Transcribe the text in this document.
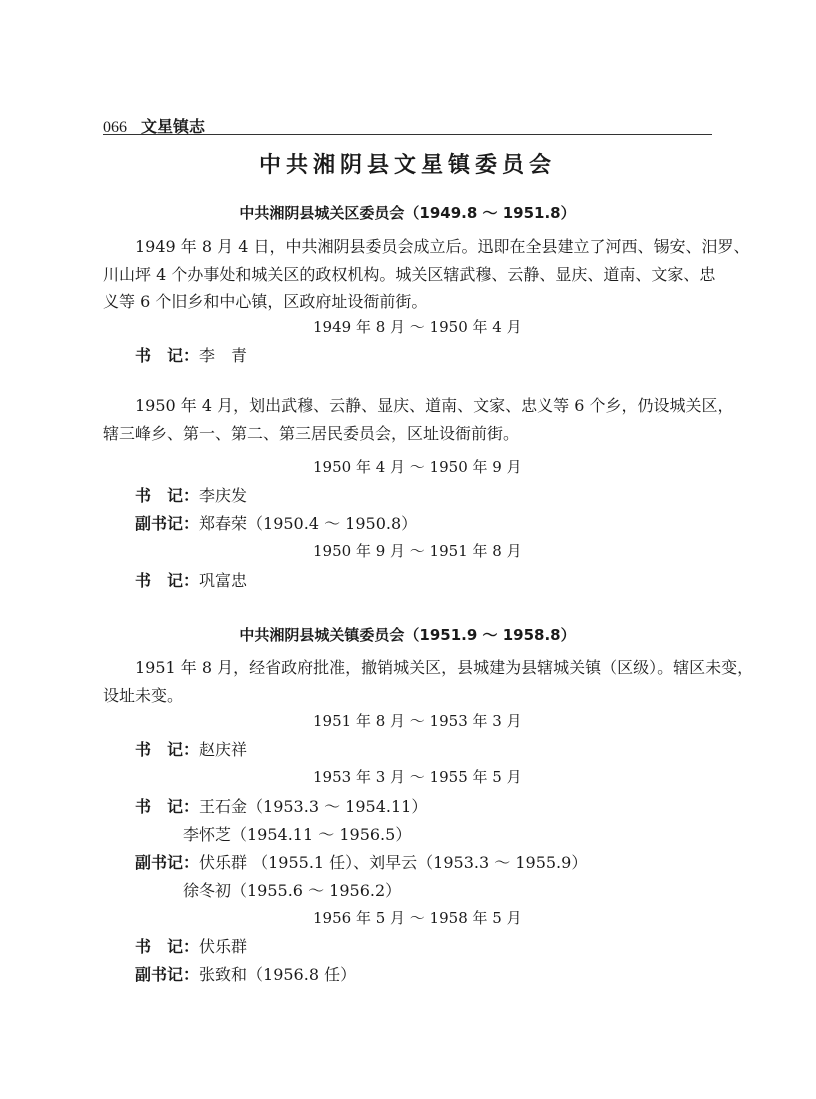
066 文星镇志
中共湘阴县文星镇委员会
中共湘阴县城关区委员会（1949.8 ～ 1951.8）
1949 年 8 月 4 日，中共湘阴县委员会成立后。迅即在全县建立了河西、锡安、汨罗、
川山坪 4 个办事处和城关区的政权机构。城关区辖武穆、云静、显庆、道南、文家、忠
义等 6 个旧乡和中心镇，区政府址设衙前街。
1949 年 8 月 ～ 1950 年 4 月
书记：李　青
1950 年 4 月，划出武穆、云静、显庆、道南、文家、忠义等 6 个乡，仍设城关区，
辖三峰乡、第一、第二、第三居民委员会，区址设衙前街。
1950 年 4 月 ～ 1950 年 9 月
书记：李庆发
副书记：郑春荣（1950.4 ～ 1950.8）
1950 年 9 月 ～ 1951 年 8 月
书记：巩富忠
中共湘阴县城关镇委员会（1951.9 ～ 1958.8）
1951 年 8 月，经省政府批准，撤销城关区，县城建为县辖城关镇（区级）。辖区未变，
设址未变。
1951 年 8 月 ～ 1953 年 3 月
书记：赵庆祥
1953 年 3 月 ～ 1955 年 5 月
书记：王石金（1953.3 ～ 1954.11）
李怀芝（1954.11 ～ 1956.5）
副书记：伏乐群 （1955.1 任）、刘早云（1953.3 ～ 1955.9）
徐冬初（1955.6 ～ 1956.2）
1956 年 5 月 ～ 1958 年 5 月
书记：伏乐群
副书记：张致和（1956.8 任）
